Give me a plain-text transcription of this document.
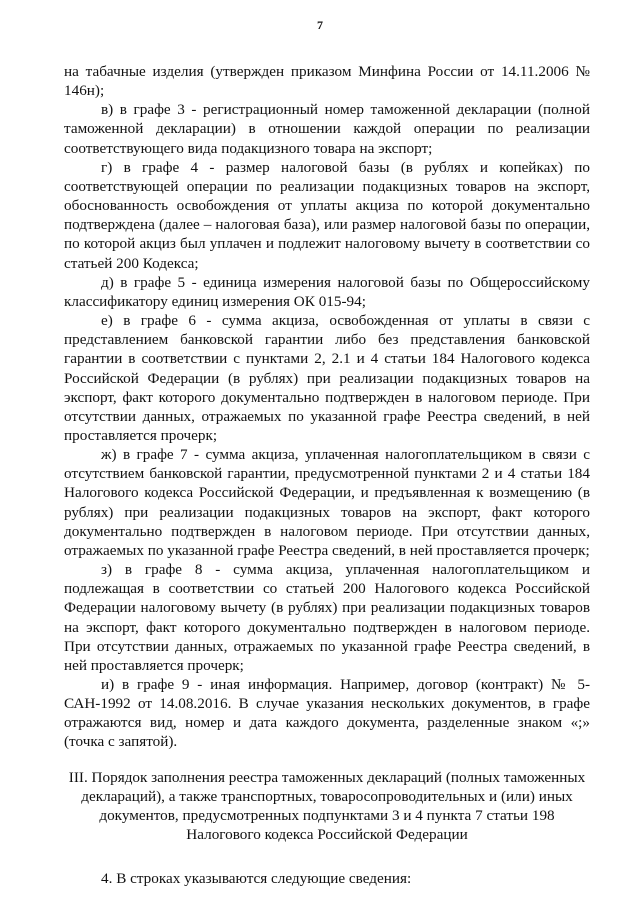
7

на табачные изделия (утвержден приказом Минфина России от 14.11.2006 № 146н);

в) в графе 3 - регистрационный номер таможенной декларации (полной таможенной декларации) в отношении каждой операции по реализации соответствующего вида подакцизного товара на экспорт;

г) в графе 4 - размер налоговой базы (в рублях и копейках) по соответствующей операции по реализации подакцизных товаров на экспорт, обоснованность освобождения от уплаты акциза по которой документально подтверждена (далее – налоговая база), или размер налоговой базы по операции, по которой акциз был уплачен и подлежит налоговому вычету в соответствии со статьей 200 Кодекса;

д) в графе 5 - единица измерения налоговой базы по Общероссийскому классификатору единиц измерения ОК 015-94;

е) в графе 6 - сумма акциза, освобожденная от уплаты в связи с представлением банковской гарантии либо без представления банковской гарантии в соответствии с пунктами 2, 2.1 и 4 статьи 184 Налогового кодекса Российской Федерации (в рублях) при реализации подакцизных товаров на экспорт, факт которого документально подтвержден в налоговом периоде. При отсутствии данных, отражаемых по указанной графе Реестра сведений, в ней проставляется прочерк;

ж) в графе 7 - сумма акциза, уплаченная налогоплательщиком в связи с отсутствием банковской гарантии, предусмотренной пунктами 2 и 4 статьи 184 Налогового кодекса Российской Федерации, и предъявленная к возмещению (в рублях) при реализации подакцизных товаров на экспорт, факт которого документально подтвержден в налоговом периоде. При отсутствии данных, отражаемых по указанной графе Реестра сведений, в ней проставляется прочерк;

з) в графе 8 - сумма акциза, уплаченная налогоплательщиком и подлежащая в соответствии со статьей 200 Налогового кодекса Российской Федерации налоговому вычету (в рублях) при реализации подакцизных товаров на экспорт, факт которого документально подтвержден в налоговом периоде. При отсутствии данных, отражаемых по указанной графе Реестра сведений, в ней проставляется прочерк;

и) в графе 9 - иная информация. Например, договор (контракт) № 5-САН-1992 от 14.08.2016. В случае указания нескольких документов, в графе отражаются вид, номер и дата каждого документа, разделенные знаком «;» (точка с запятой).

III. Порядок заполнения реестра таможенных деклараций (полных таможенных
деклараций), а также транспортных, товаросопроводительных и (или) иных
документов, предусмотренных подпунктами 3 и 4 пункта 7 статьи 198
Налогового кодекса Российской Федерации

4. В строках указываются следующие сведения:
